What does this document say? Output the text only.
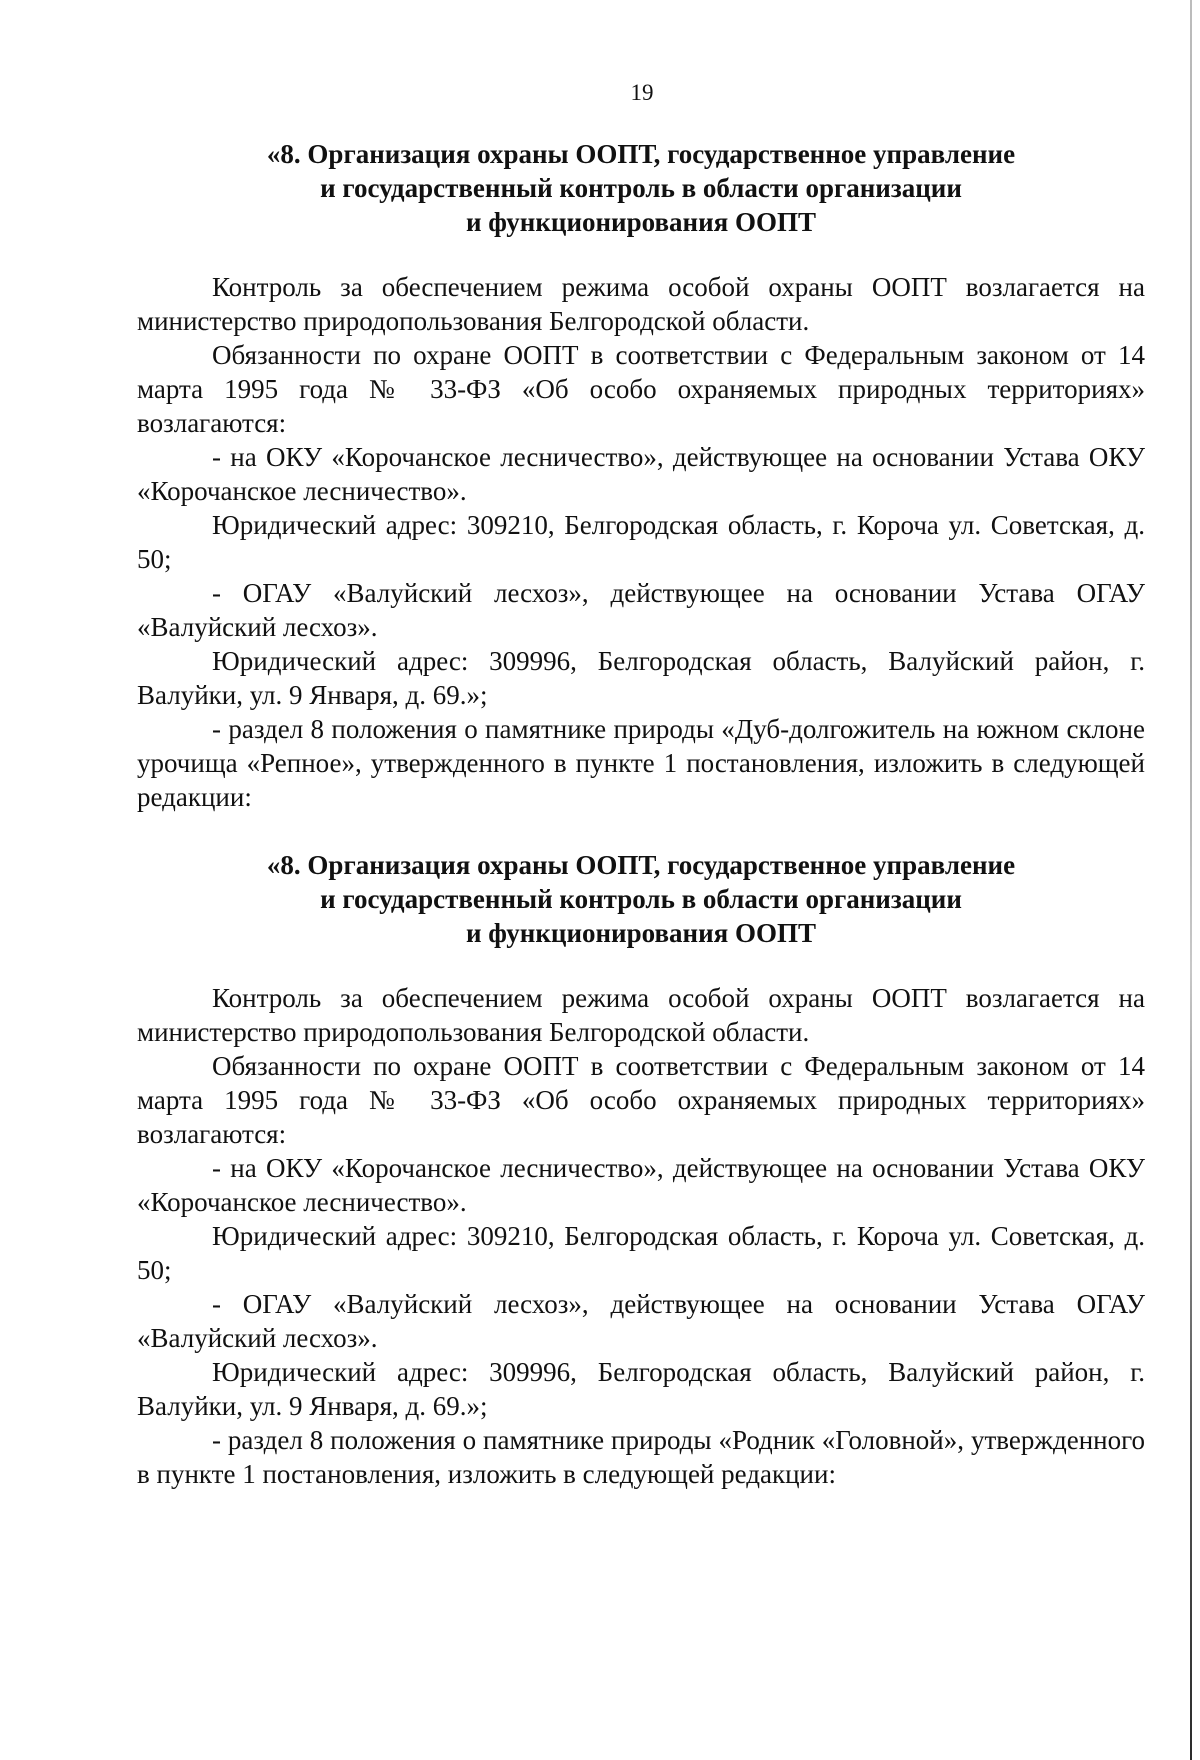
19
«8. Организация охраны ООПТ, государственное управление
и государственный контроль в области организации
и функционирования ООПТ

Контроль за обеспечением режима особой охраны ООПТ возлагается на министерство природопользования Белгородской области.

Обязанности по охране ООПТ в соответствии с Федеральным законом от 14 марта 1995 года № 33-ФЗ «Об особо охраняемых природных территориях» возлагаются:

- на ОКУ «Корочанское лесничество», действующее на основании Устава ОКУ «Корочанское лесничество».

Юридический адрес: 309210, Белгородская область, г. Короча ул. Советская, д. 50;

- ОГАУ «Валуйский лесхоз», действующее на основании Устава ОГАУ «Валуйский лесхоз».

Юридический адрес: 309996, Белгородская область, Валуйский район, г. Валуйки, ул. 9 Января, д. 69.»;

- раздел 8 положения о памятнике природы «Дуб-долгожитель на южном склоне урочища «Репное», утвержденного в пункте 1 постановления, изложить в следующей редакции:

«8. Организация охраны ООПТ, государственное управление
и государственный контроль в области организации
и функционирования ООПТ

Контроль за обеспечением режима особой охраны ООПТ возлагается на министерство природопользования Белгородской области.

Обязанности по охране ООПТ в соответствии с Федеральным законом от 14 марта 1995 года № 33-ФЗ «Об особо охраняемых природных территориях» возлагаются:

- на ОКУ «Корочанское лесничество», действующее на основании Устава ОКУ «Корочанское лесничество».

Юридический адрес: 309210, Белгородская область, г. Короча ул. Советская, д. 50;

- ОГАУ «Валуйский лесхоз», действующее на основании Устава ОГАУ «Валуйский лесхоз».

Юридический адрес: 309996, Белгородская область, Валуйский район, г. Валуйки, ул. 9 Января, д. 69.»;

- раздел 8 положения о памятнике природы «Родник «Головной», утвержденного в пункте 1 постановления, изложить в следующей редакции:
